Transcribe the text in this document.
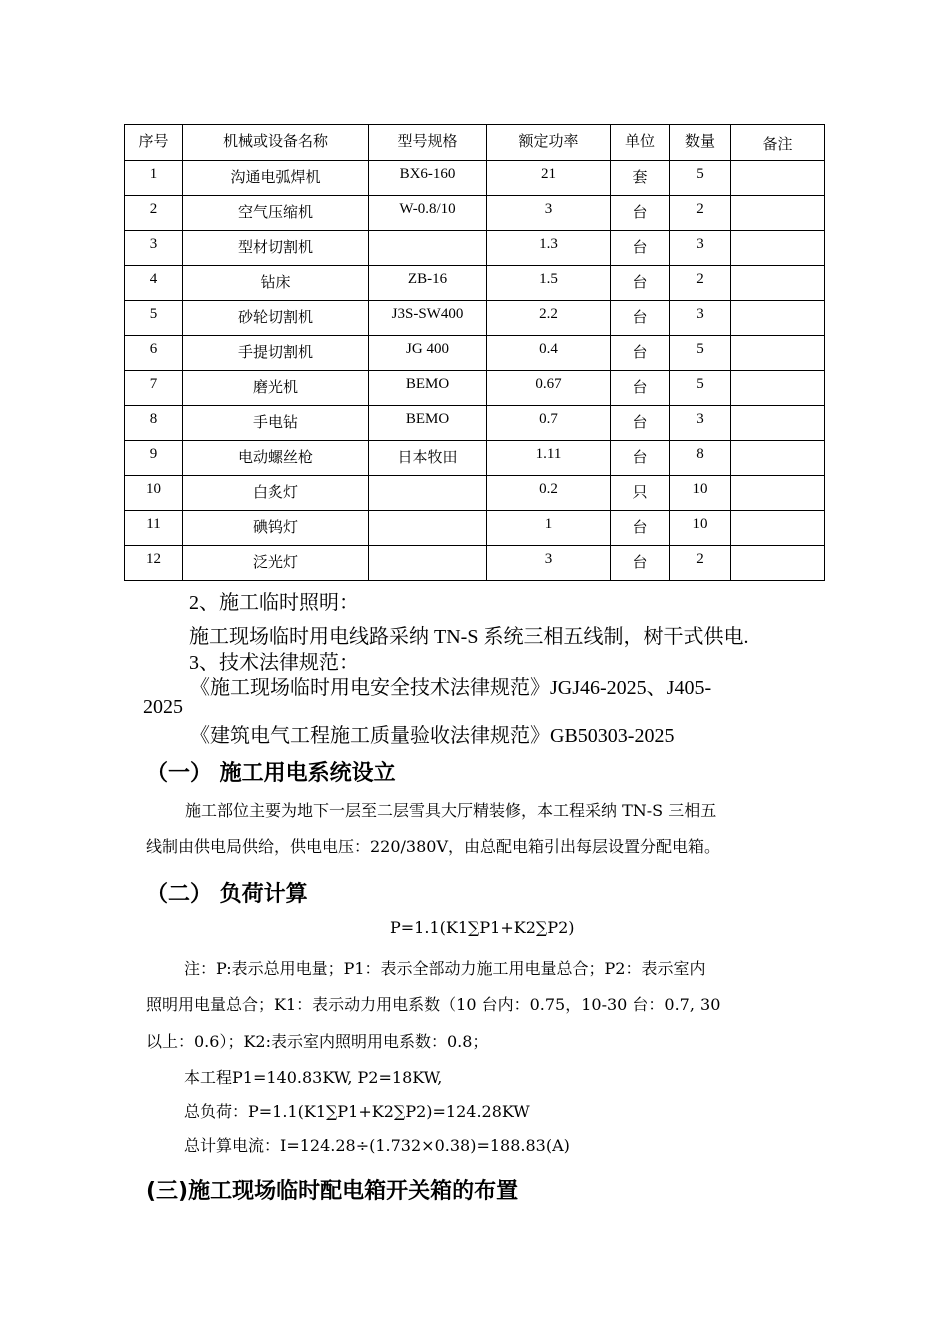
序号	机械或设备名称	型号规格	额定功率	单位	数量	备注
1	沟通电弧焊机	BX6-160	21	套	5	
2	空气压缩机	W-0.8/10	3	台	2	
3	型材切割机		1.3	台	3	
4	钻床	ZB-16	1.5	台	2	
5	砂轮切割机	J3S-SW400	2.2	台	3	
6	手提切割机	JG 400	0.4	台	5	
7	磨光机	BEMO	0.67	台	5	
8	手电钻	BEMO	0.7	台	3	
9	电动螺丝枪	日本牧田	1.11	台	8	
10	白炙灯		0.2	只	10	
11	碘钨灯		1	台	10	
12	泛光灯		3	台	2	
2、施工临时照明：
施工现场临时用电线路采纳 TN-S 系统三相五线制，树干式供电.
3、技术法律规范：
《施工现场临时用电安全技术法律规范》JGJ46-2025、J405-
2025
《建筑电气工程施工质量验收法律规范》GB50303-2025
（一） 施工用电系统设立
施工部位主要为地下一层至二层雪具大厅精装修，本工程采纳 TN-S 三相五
线制由供电局供给，供电电压：220/380V，由总配电箱引出每层设置分配电箱。
（二） 负荷计算
P=1.1(K1∑P1+K2∑P2)
注：P:表示总用电量；P1：表示全部动力施工用电量总合；P2：表示室内
照明用电量总合；K1：表示动力用电系数（10 台内：0.75，10-30 台：0.7, 30
以上：0.6）；K2:表示室内照明用电系数：0.8；
本工程P1=140.83KW, P2=18KW,
总负荷：P=1.1(K1∑P1+K2∑P2)=124.28KW
总计算电流：I=124.28÷(1.732×0.38)=188.83(A)
(三)施工现场临时配电箱开关箱的布置
